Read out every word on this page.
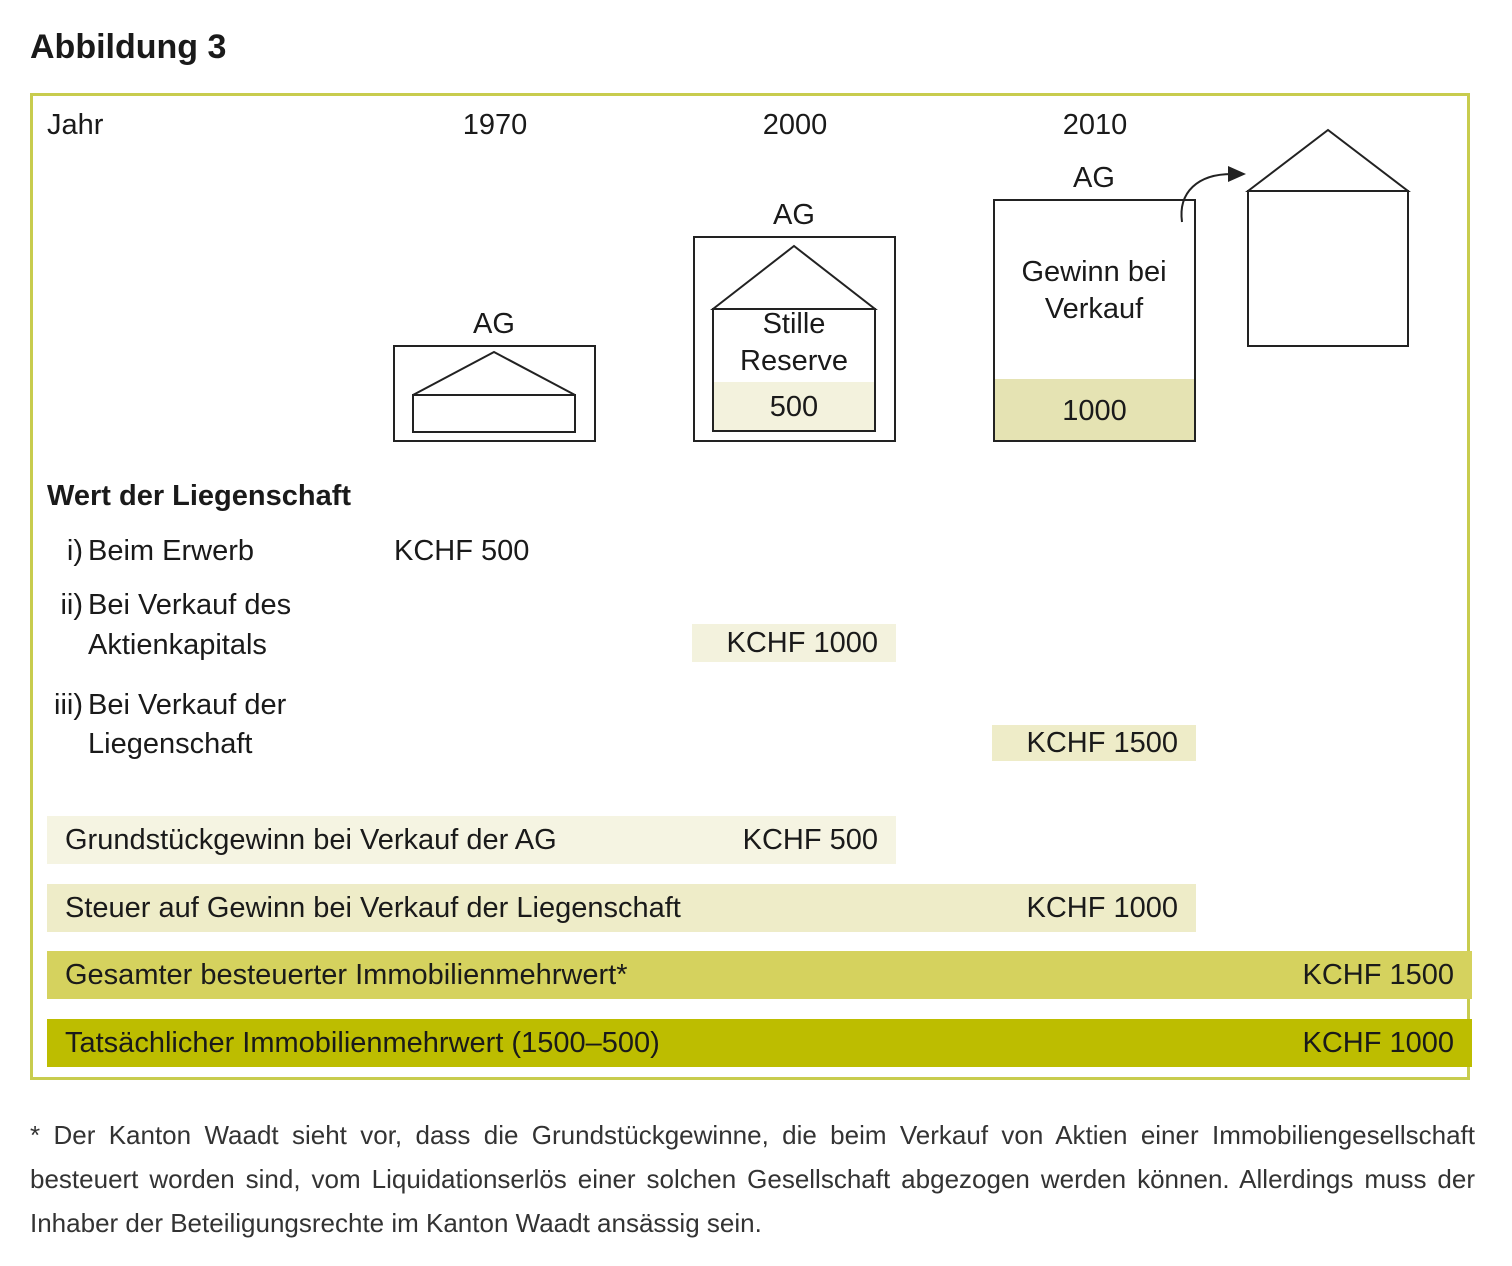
Abbildung 3
Jahr	1970	2000	2010
AG
AG
Stille Reserve
500
AG
Gewinn bei Verkauf
1000
Wert der Liegenschaft
i) Beim Erwerb	KCHF 500
ii) Bei Verkauf des
Aktienkapitals	KCHF 1000
iii) Bei Verkauf der
Liegenschaft	KCHF 1500
Grundstückgewinn bei Verkauf der AG	KCHF 500
Steuer auf Gewinn bei Verkauf der Liegenschaft	KCHF 1000
Gesamter besteuerter Immobilienmehrwert*	KCHF 1500
Tatsächlicher Immobilienmehrwert (1500–500)	KCHF 1000
* Der Kanton Waadt sieht vor, dass die Grundstückgewinne, die beim Verkauf von Aktien einer Immobiliengesellschaft besteuert worden sind, vom Liquidationserlös einer solchen Gesellschaft abgezogen werden können. Allerdings muss der Inhaber der Beteiligungsrechte im Kanton Waadt ansässig sein.
